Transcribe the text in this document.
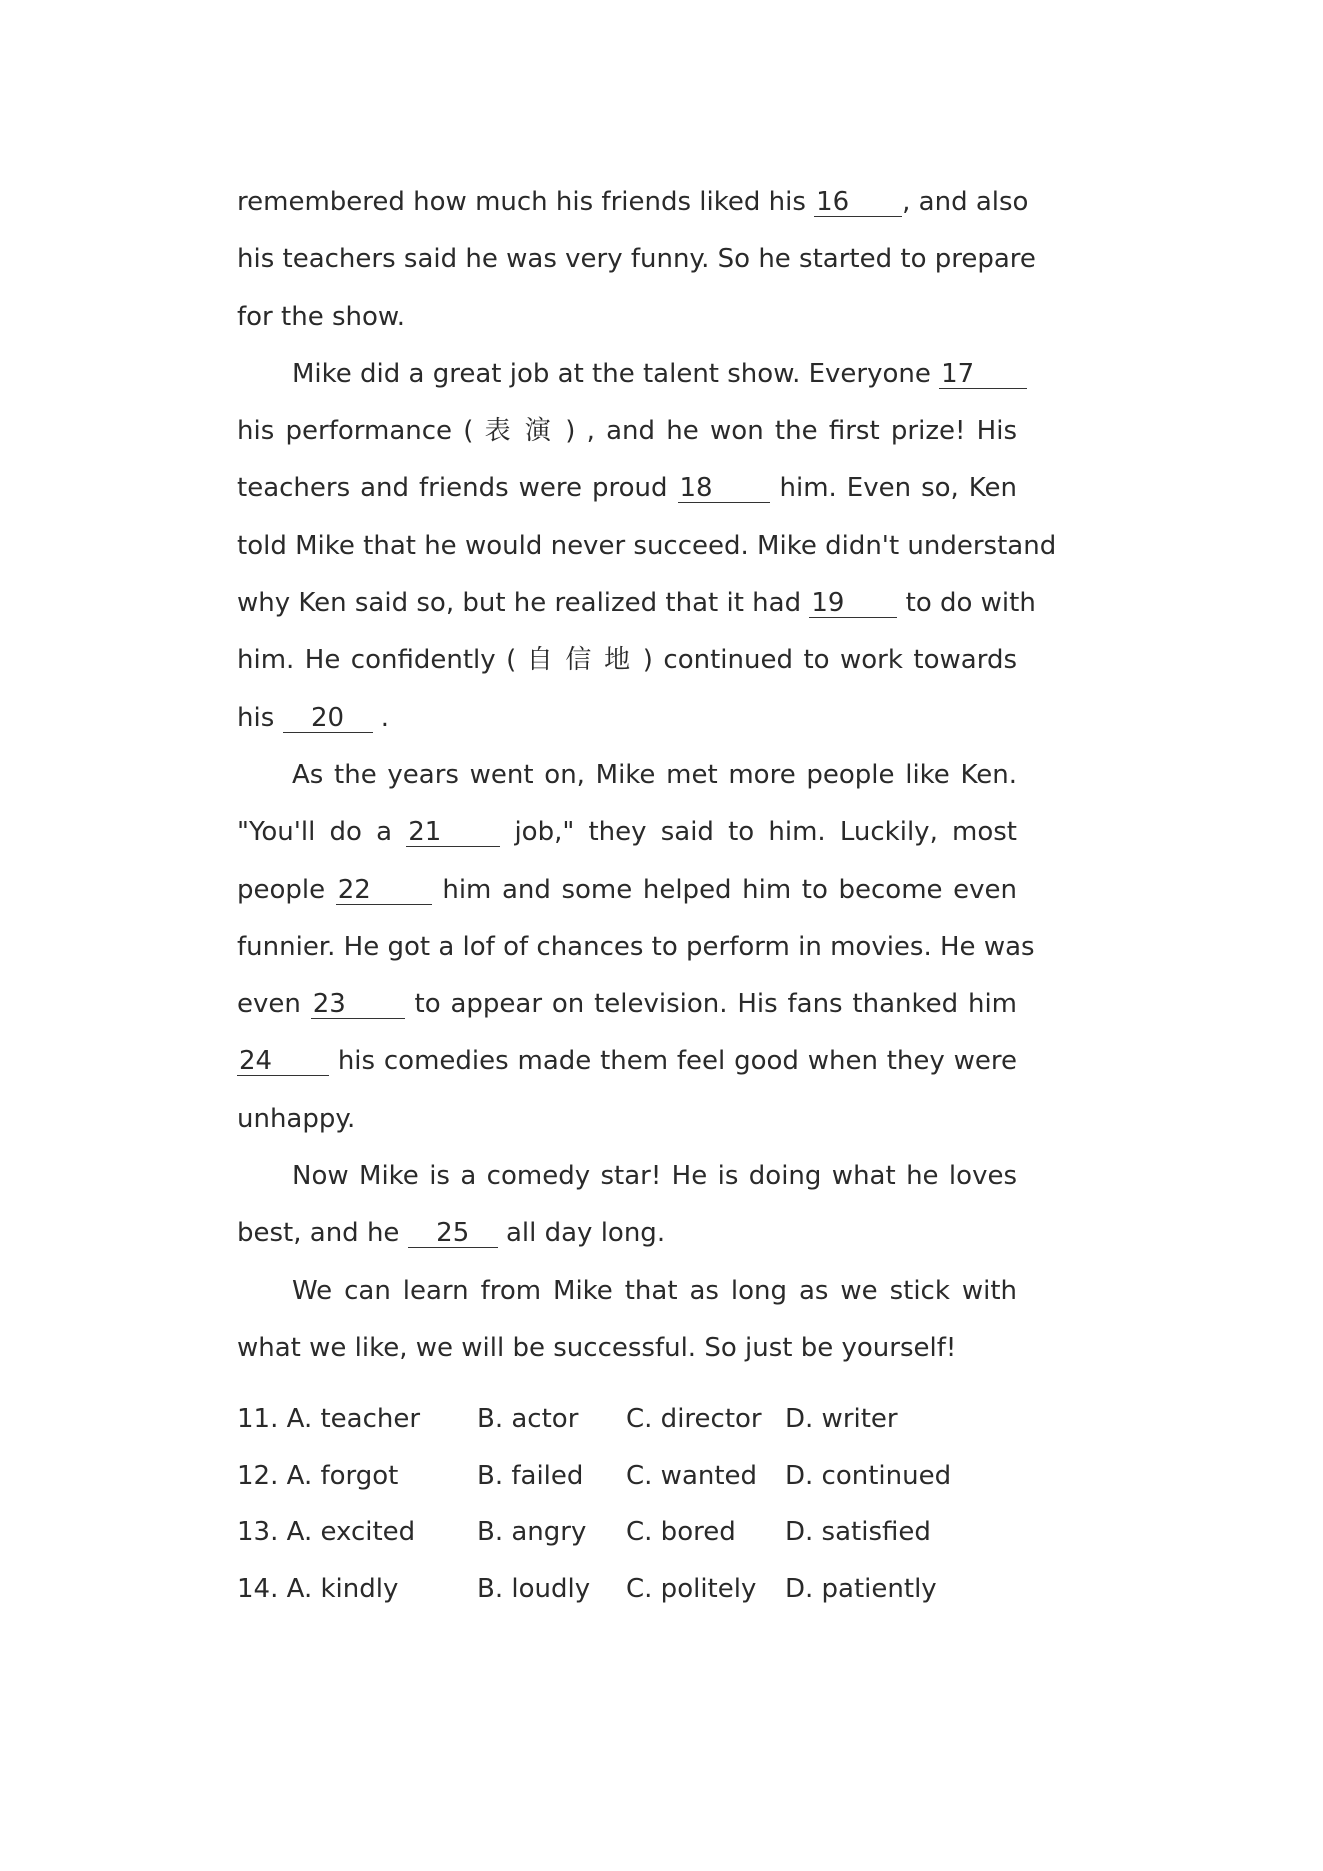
remembered how much his friends liked his 16 , and also
his teachers said he was very funny. So he started to prepare
for the show.
Mike did a great job at the talent show. Everyone 17
his performance ( 表 演 ) , and he won the first prize! His
teachers and friends were proud 18 him. Even so, Ken
told Mike that he would never succeed. Mike didn't understand
why Ken said so, but he realized that it had 19 to do with
him. He confidently ( 自 信 地 ) continued to work towards
his 20 .
As the years went on, Mike met more people like Ken.
"You'll do a 21 job," they said to him. Luckily, most
people 22 him and some helped him to become even
funnier. He got a lof of chances to perform in movies. He was
even 23 to appear on television. His fans thanked him
24 his comedies made them feel good when they were
unhappy.
Now Mike is a comedy star! He is doing what he loves
best, and he 25 all day long.
We can learn from Mike that as long as we stick with
what we like, we will be successful. So just be yourself!
11. A. teacher B. actor C. director D. writer
12. A. forgot	B. failed C. wanted D. continued
13. A. excited B. angry C. bored D. satisfied
14. A. kindly	B. loudly C. politely D. patiently
